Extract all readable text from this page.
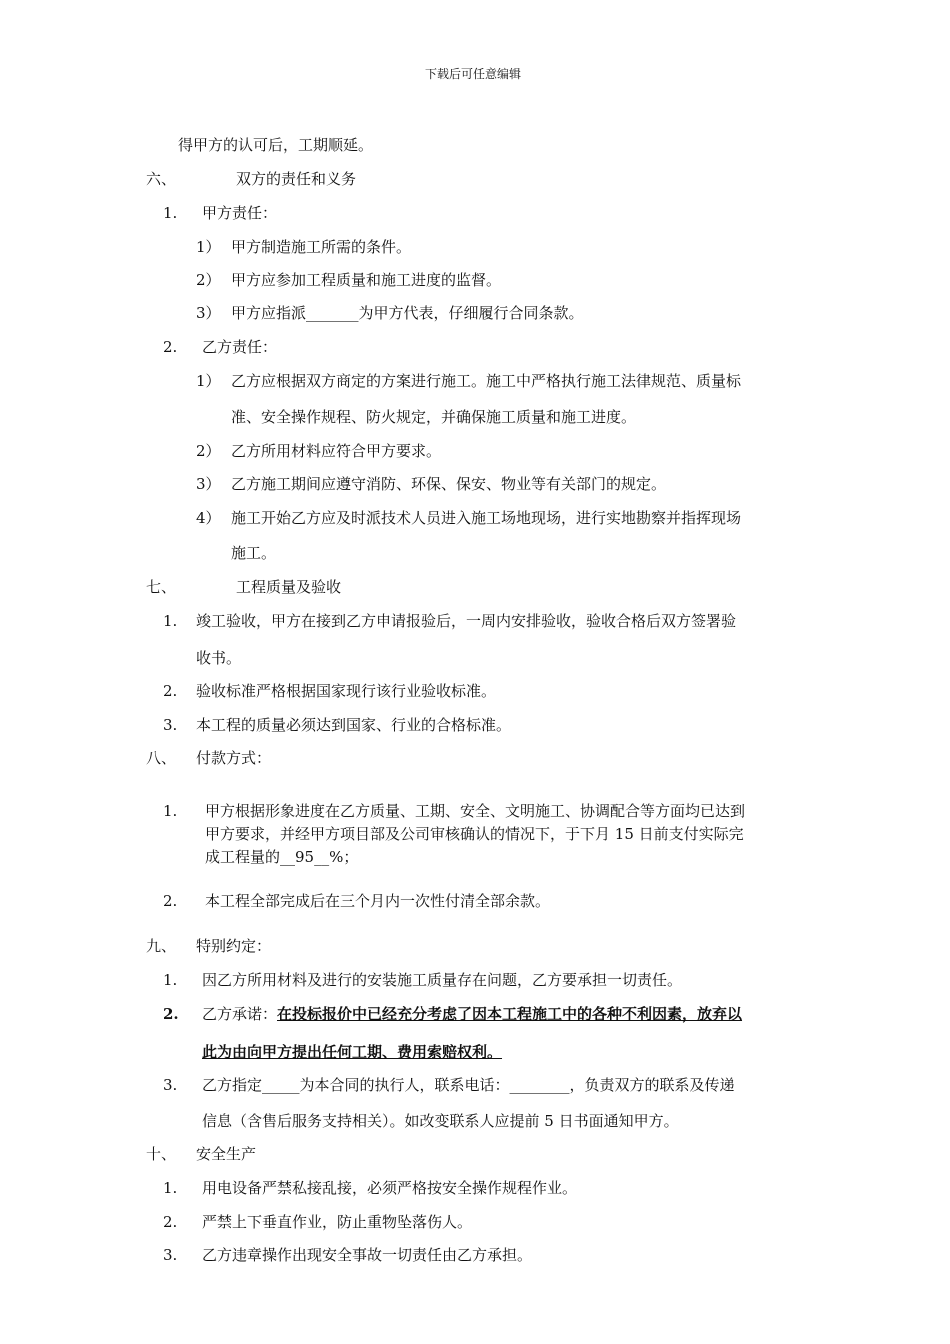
下载后可任意编辑
得甲方的认可后，工期顺延。
六、	双方的责任和义务
1. 甲方责任：
1） 甲方制造施工所需的条件。
2） 甲方应参加工程质量和施工进度的监督。
3） 甲方应指派_______为甲方代表，仔细履行合同条款。
2. 乙方责任：
1） 乙方应根据双方商定的方案进行施工。施工中严格执行施工法律规范、质量标
准、安全操作规程、防火规定，并确保施工质量和施工进度。
2） 乙方所用材料应符合甲方要求。
3） 乙方施工期间应遵守消防、环保、保安、物业等有关部门的规定。
4） 施工开始乙方应及时派技术人员进入施工场地现场，进行实地勘察并指挥现场
施工。
七、	工程质量及验收
1. 竣工验收，甲方在接到乙方申请报验后，一周内安排验收，验收合格后双方签署验
收书。
2. 验收标准严格根据国家现行该行业验收标准。
3. 本工程的质量必须达到国家、行业的合格标准。
八、 付款方式：
1. 甲方根据形象进度在乙方质量、工期、安全、文明施工、协调配合等方面均已达到
甲方要求，并经甲方项目部及公司审核确认的情况下，于下月 15 日前支付实际完
成工程量的__95__%；
2. 本工程全部完成后在三个月内一次性付清全部余款。
九、 特别约定：
1. 因乙方所用材料及进行的安装施工质量存在问题，乙方要承担一切责任。
2. 乙方承诺：在投标报价中已经充分考虑了因本工程施工中的各种不利因素，放弃以
此为由向甲方提出任何工期、费用索赔权利。
3. 乙方指定_____为本合同的执行人，联系电话：________，负责双方的联系及传递
信息（含售后服务支持相关）。如改变联系人应提前 5 日书面通知甲方。
十、 安全生产
1. 用电设备严禁私接乱接，必须严格按安全操作规程作业。
2. 严禁上下垂直作业，防止重物坠落伤人。
3. 乙方违章操作出现安全事故一切责任由乙方承担。
